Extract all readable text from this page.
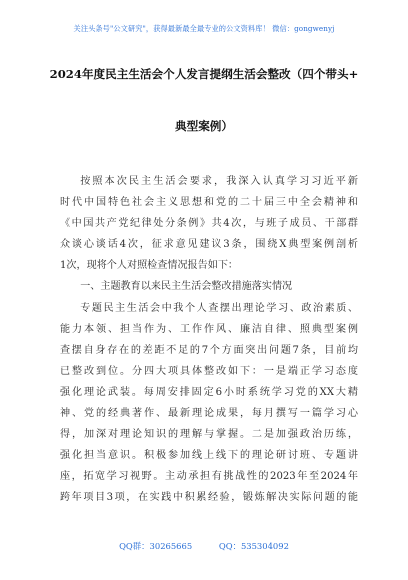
关注头条号"公文研究"，获得最新最全最专业的公文资料库！ 微信：gongwenyj
2024年度民主生活会个人发言提纲生活会整改（四个带头+
典型案例）
按照本次民主生活会要求，我深入认真学习习近平新
时代中国特色社会主义思想和党的二十届三中全会精神和
《中国共产党纪律处分条例》共4次，与班子成员、干部群
众谈心谈话4次，征求意见建议3条，围绕X典型案例剖析
1次，现将个人对照检查情况报告如下：
一、主题教育以来民主生活会整改措施落实情况
专题民主生活会中我个人查摆出理论学习、政治素质、
能力本领、担当作为、工作作风、廉洁自律、照典型案例
查摆自身存在的差距不足的7个方面突出问题7条，目前均
已整改到位。分四大项具体整改如下：一是端正学习态度
强化理论武装。每周安排固定6小时系统学习党的XX大精
神、党的经典著作、最新理论成果，每月撰写一篇学习心
得，加深对理论知识的理解与掌握。二是加强政治历练，
强化担当意识。积极参加线上线下的理论研讨班、专题讲
座，拓宽学习视野。主动承担有挑战性的2023年至2024年
跨年项目3项，在实践中积累经验，锻炼解决实际问题的能
QQ群：30265665	QQ：535304092
